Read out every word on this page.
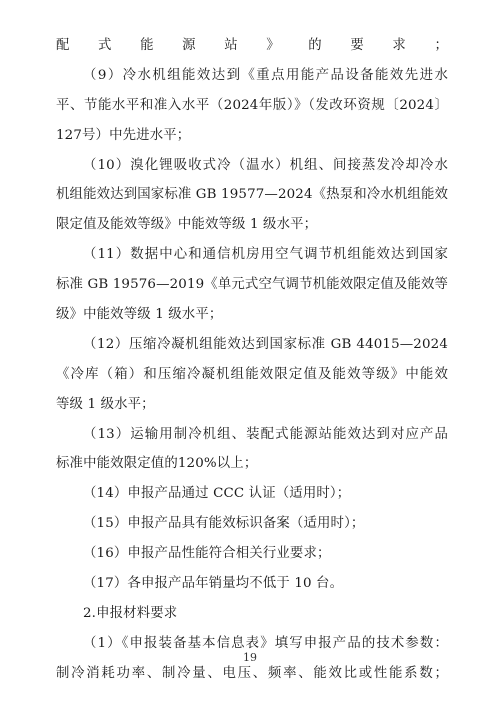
配式能源站》的要求；
（9）冷水机组能效达到《重点用能产品设备能效先进水
平、节能水平和准入水平（2024年版）》（发改环资规〔2024〕
127号）中先进水平；
（10）溴化锂吸收式冷（温水）机组、间接蒸发冷却冷水
机组能效达到国家标准 GB 19577—2024《热泵和冷水机组能效
限定值及能效等级》中能效等级 1 级水平；
（11）数据中心和通信机房用空气调节机组能效达到国家
标准 GB 19576—2019《单元式空气调节机能效限定值及能效等
级》中能效等级 1 级水平；
（12）压缩冷凝机组能效达到国家标准 GB 44015—2024
《冷库（箱）和压缩冷凝机组能效限定值及能效等级》中能效
等级 1 级水平；
（13）运输用制冷机组、装配式能源站能效达到对应产品
标准中能效限定值的120%以上；
（14）申报产品通过 CCC 认证（适用时）；
（15）申报产品具有能效标识备案（适用时）；
（16）申报产品性能符合相关行业要求；
（17）各申报产品年销量均不低于 10 台。
2.申报材料要求
（1）《申报装备基本信息表》填写申报产品的技术参数：
制冷消耗功率、制冷量、电压、频率、能效比或性能系数；
19
